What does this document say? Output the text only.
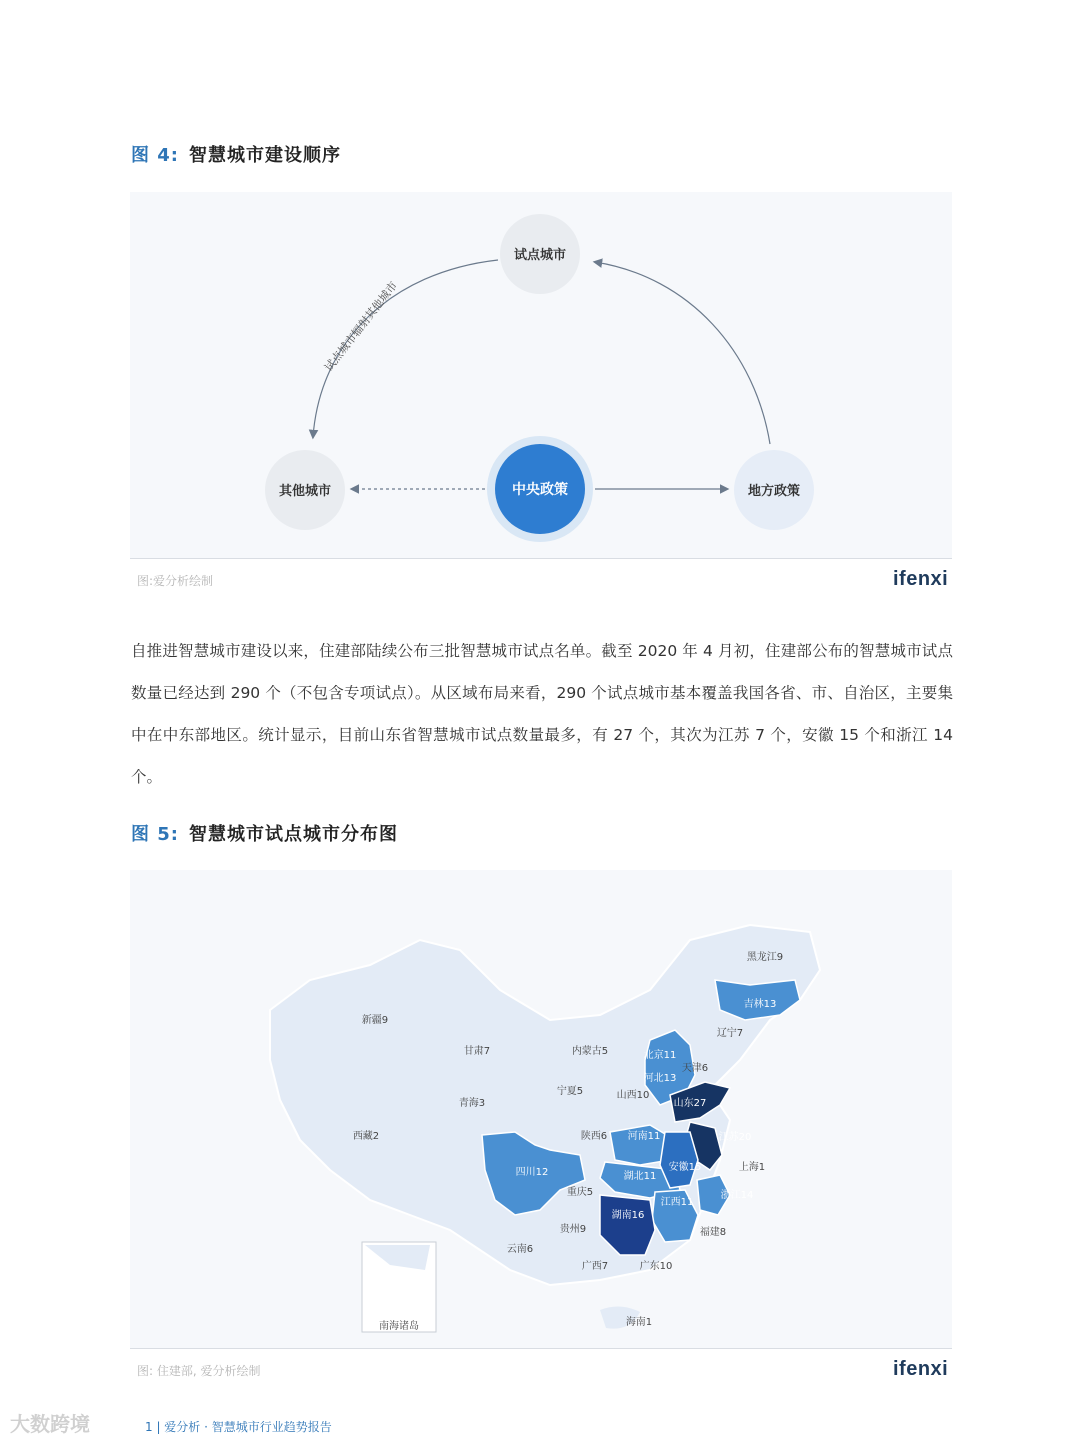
图 4: 智慧城市建设顺序
试点城市辐射其他城市
试点城市
其他城市	中央政策	地方政策
图:爱分析绘制	ifenxi
自推进智慧城市建设以来，住建部陆续公布三批智慧城市试点名单。截至 2020 年 4 月初，住建部公布的智慧城市试点数量已经达到 290 个（不包含专项试点）。从区域布局来看，290 个试点城市基本覆盖我国各省、市、自治区，主要集中在中东部地区。统计显示，目前山东省智慧城市试点数量最多，有 27 个，其次为江苏 7 个，安徽 15 个和浙江 14 个。
图 5: 智慧城市试点城市分布图
南海诸岛
黑龙江9
吉林13
辽宁7
新疆9
内蒙古5	北京11
天津6
河北13
甘肃7
宁夏5	山西10
山东27
青海3
陕西6 河南11	江苏20
西藏2
上海1
安徽15
四川12	湖北11
浙江14
重庆5
江西11
湖南16
贵州9	福建8
云南6
广西7	广东10
海南1
图: 住建部, 爱分析绘制	ifenxi
大数跨境	1 | 爱分析 · 智慧城市行业趋势报告
